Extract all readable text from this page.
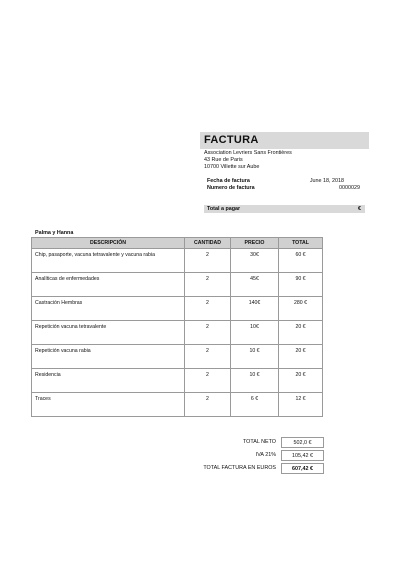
FACTURA
Association Levriers Sans Frontières
43 Rue de Paris
10700 Villette sur Aube
Fecha de factura	June 18, 2018
Numero de factura	0000029
Total a pagar	€
Palma y Hanna
DESCRIPCIÓN	CANTIDAD	PRECIO	TOTAL
Chip, pasaporte, vacuna tetravalente y vacuna rabia	2	30€	60 €

Analíticas de enfermedades	2	45€	90 €

Castración Hembras	2	140€	280 €

Repetición vacuna tetravalente	2	10€	20 €

Repetición vacuna rabia	2	10 €	20 €

Residencia	2	10 €	20 €

Traces	2	6 €	12 €

TOTAL NETO	502,0 €
IVA 21%	105,42 €
TOTAL FACTURA EN EUROS	607,42 €
